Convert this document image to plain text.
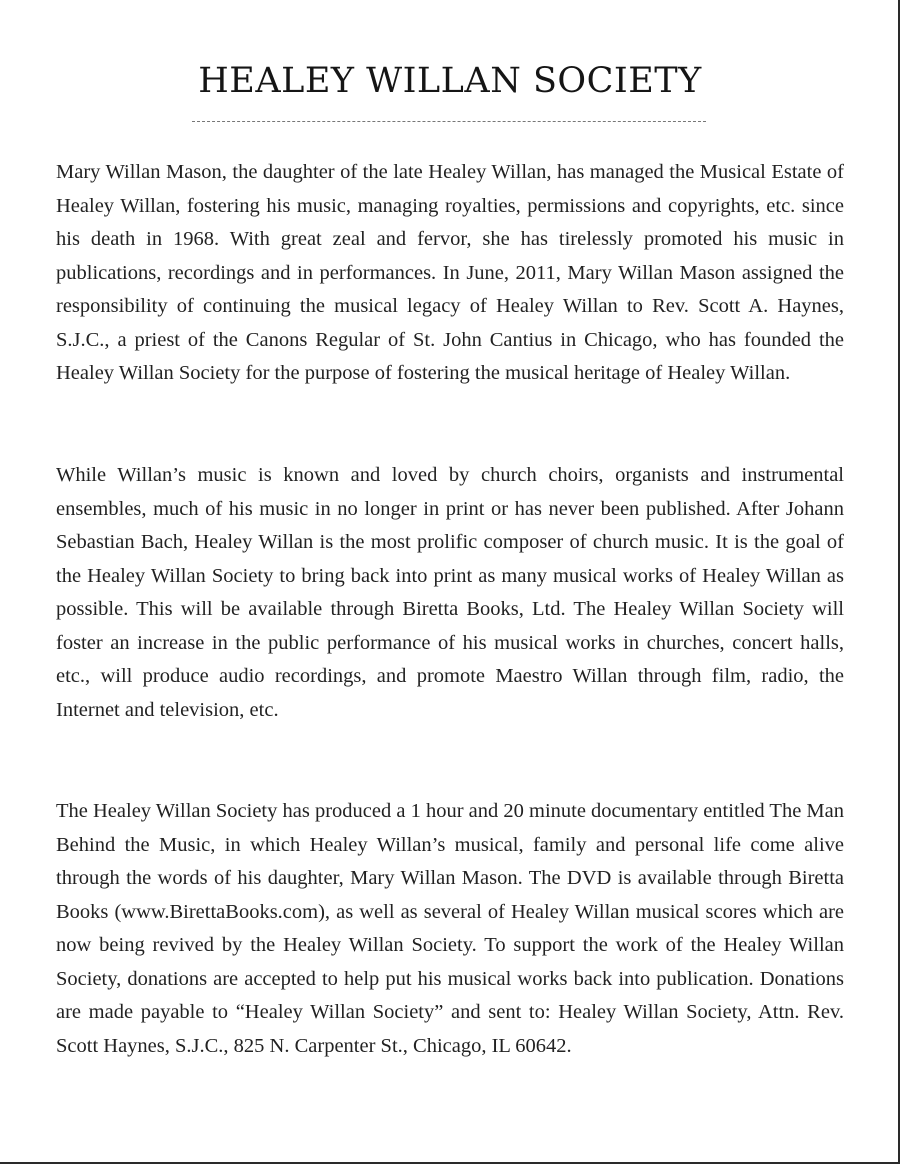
HEALEY WILLAN SOCIETY

Mary Willan Mason, the daughter of the late Healey Willan, has managed the Musical Estate of Healey Willan, fostering his music, managing royalties, permissions and copyrights, etc. since his death in 1968. With great zeal and fervor, she has tirelessly promoted his music in publications, recordings and in performances. In June, 2011, Mary Willan Mason assigned the responsibility of continuing the musical legacy of Healey Willan to Rev. Scott A. Haynes, S.J.C., a priest of the Canons Regular of St. John Cantius in Chicago, who has founded the Healey Willan Society for the purpose of fostering the musical heritage of Healey Willan.

While Willan’s music is known and loved by church choirs, organists and instrumental ensembles, much of his music in no longer in print or has never been published. After Johann Sebastian Bach, Healey Willan is the most prolific composer of church music. It is the goal of the Healey Willan Society to bring back into print as many musical works of Healey Willan as possible. This will be available through Biretta Books, Ltd. The Healey Willan Society will foster an increase in the public performance of his musical works in churches, concert halls, etc., will produce audio recordings, and promote Maestro Willan through film, radio, the Internet and television, etc.

The Healey Willan Society has produced a 1 hour and 20 minute documentary entitled The Man Behind the Music, in which Healey Willan’s musical, family and personal life come alive through the words of his daughter, Mary Willan Mason. The DVD is available through Biretta Books (www.BirettaBooks.com), as well as several of Healey Willan musical scores which are now being revived by the Healey Willan Society. To support the work of the Healey Willan Society, donations are accepted to help put his musical works back into publication. Donations are made payable to “Healey Willan Society” and sent to: Healey Willan Society, Attn. Rev. Scott Haynes, S.J.C., 825 N. Carpenter St., Chicago, IL 60642.
